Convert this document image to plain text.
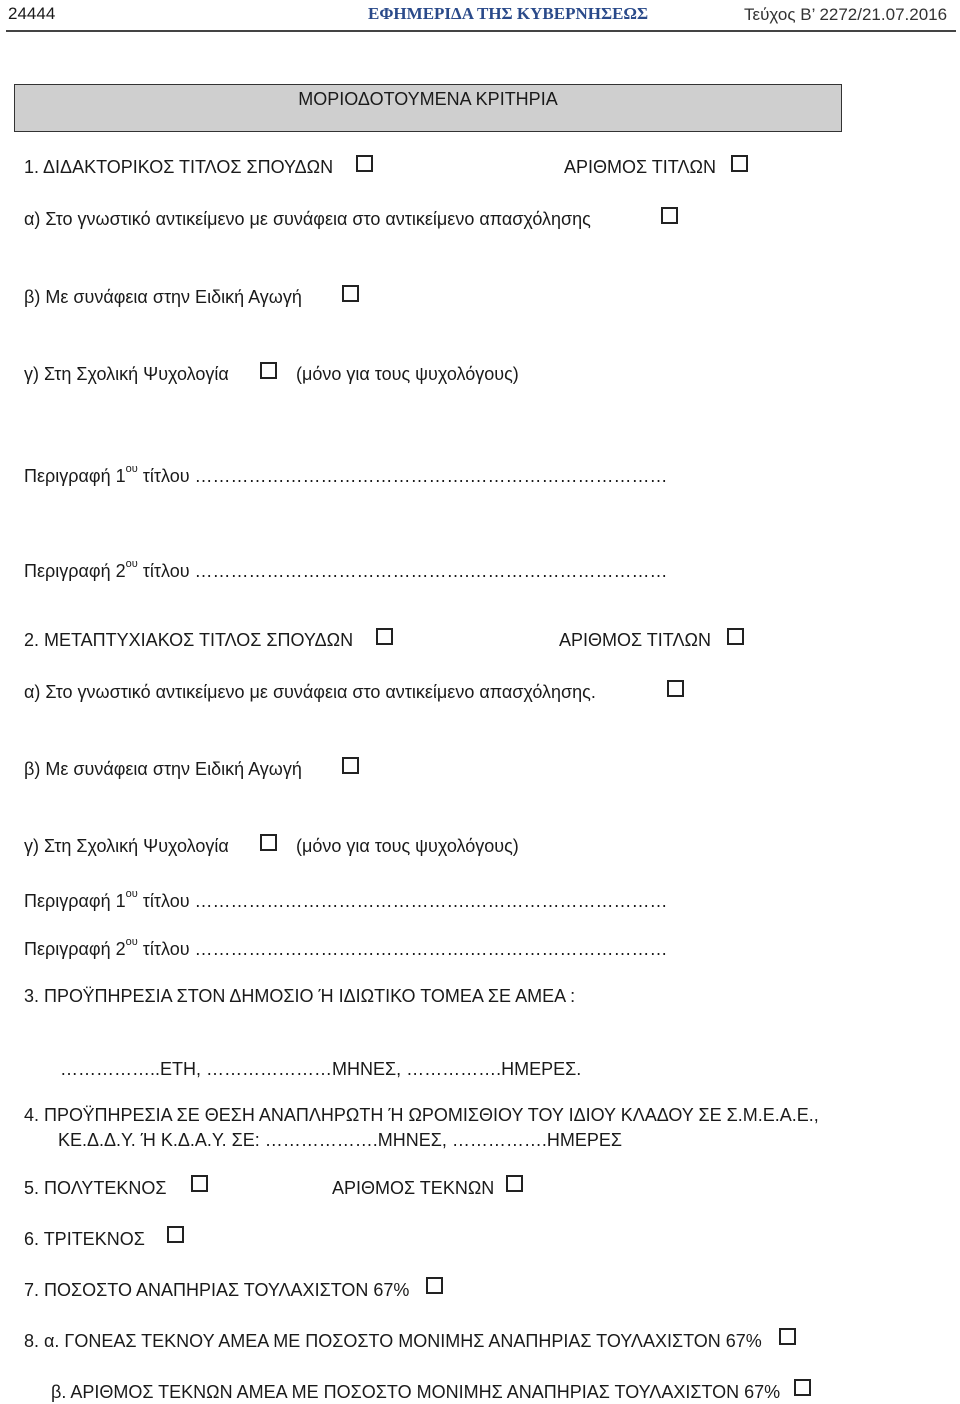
24444	ΕΦΗΜΕΡΙΔΑ ΤΗΣ ΚΥΒΕΡΝΗΣΕΩΣ	Τεύχος Β’ 2272/21.07.2016
ΜΟΡΙΟΔΟΤΟΥΜΕΝΑ ΚΡΙΤΗΡΙΑ
1. ΔΙΔΑΚΤΟΡΙΚΟΣ ΤΙΤΛΟΣ ΣΠΟΥΔΩΝ	ΑΡΙΘΜΟΣ ΤΙΤΛΩΝ
α) Στο γνωστικό αντικείμενο με συνάφεια στο αντικείμενο απασχόλησης
β) Με συνάφεια στην Ειδική Αγωγή
γ) Στη Σχολική Ψυχολογία	(μόνο για τους ψυχολόγους)
Περιγραφή $1^{o\upsilon}$ τίτλου ……………………………………….……………………………
Περιγραφή $2^{o\upsilon}$ τίτλου ……………………………………….……………………………
2. ΜΕΤΑΠΤΥΧΙΑΚΟΣ ΤΙΤΛΟΣ ΣΠΟΥΔΩΝ	ΑΡΙΘΜΟΣ ΤΙΤΛΩΝ
α) Στο γνωστικό αντικείμενο με συνάφεια στο αντικείμενο απασχόλησης.
β) Με συνάφεια στην Ειδική Αγωγή
γ) Στη Σχολική Ψυχολογία	(μόνο για τους ψυχολόγους)
Περιγραφή $1^{o\upsilon}$ τίτλου ……………………………………….……………………………
Περιγραφή $2^{o\upsilon}$ τίτλου ……………………………………….……………………………
3. ΠΡΟΫΠΗΡΕΣΙΑ ΣΤΟΝ ΔΗΜΟΣΙΟ Ή ΙΔΙΩΤΙΚΟ ΤΟΜΕΑ ΣΕ ΑΜΕΑ :
……………..ΕΤΗ, …………………ΜΗΝΕΣ, …………….ΗΜΕΡΕΣ.
4. ΠΡΟΫΠΗΡΕΣΙΑ ΣΕ ΘΕΣΗ ΑΝΑΠΛΗΡΩΤΗ Ή ΩΡΟΜΙΣΘΙΟΥ ΤΟΥ ΙΔΙΟΥ ΚΛΑΔΟΥ ΣΕ Σ.Μ.Ε.Α.Ε.,
ΚΕ.Δ.Δ.Υ. Ή Κ.Δ.Α.Υ. ΣΕ: ……………….ΜΗΝΕΣ, …………….ΗΜΕΡΕΣ
5. ΠΟΛΥΤΕΚΝΟΣ	ΑΡΙΘΜΟΣ ΤΕΚΝΩΝ
6. ΤΡΙΤΕΚΝΟΣ
7. ΠΟΣΟΣΤΟ ΑΝΑΠΗΡΙΑΣ ΤΟΥΛΑΧΙΣΤΟΝ 67%
8. α. ΓΟΝΕΑΣ ΤΕΚΝΟΥ ΑΜΕΑ ΜΕ ΠΟΣΟΣΤΟ ΜΟΝΙΜΗΣ ΑΝΑΠΗΡΙΑΣ ΤΟΥΛΑΧΙΣΤΟΝ 67%
β. ΑΡΙΘΜΟΣ ΤΕΚΝΩΝ ΑΜΕΑ ΜΕ ΠΟΣΟΣΤΟ ΜΟΝΙΜΗΣ ΑΝΑΠΗΡΙΑΣ ΤΟΥΛΑΧΙΣΤΟΝ 67%
